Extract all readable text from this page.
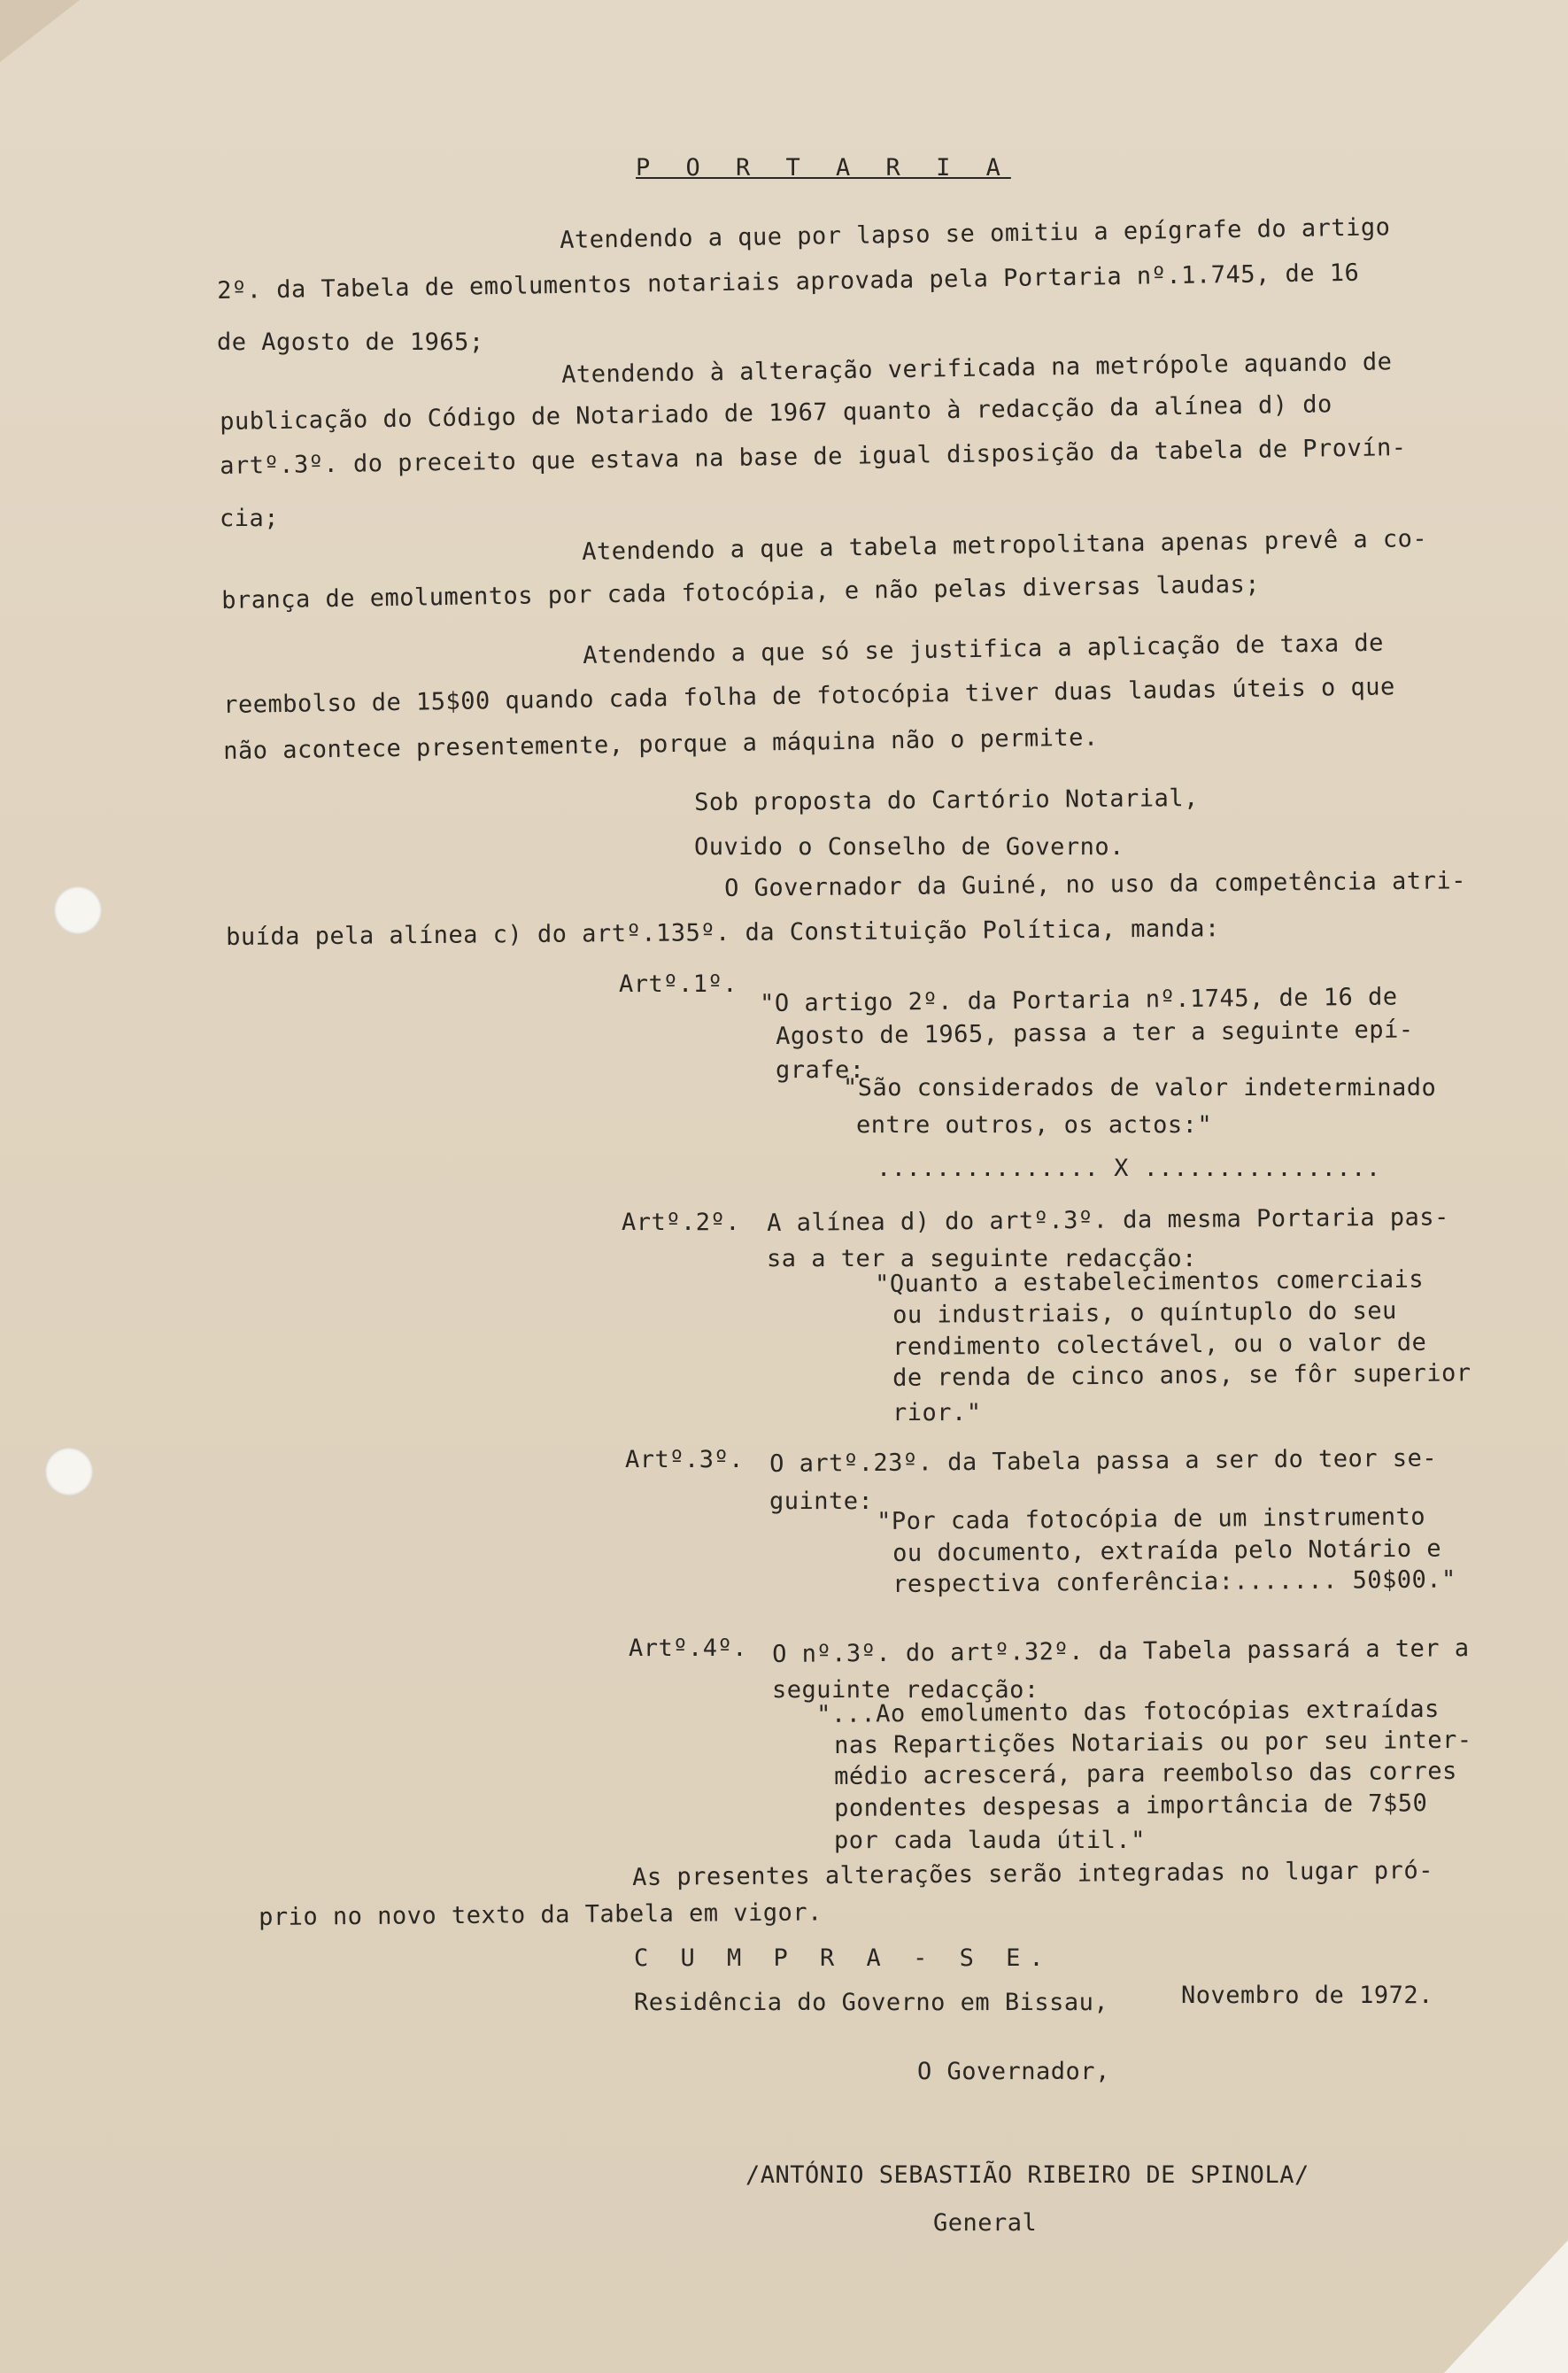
P O R T A R I A
Atendendo a que por lapso se omitiu a epígrafe do artigo
2º. da Tabela de emolumentos notariais aprovada pela Portaria nº.1.745, de 16
de Agosto de 1965;
Atendendo à alteração verificada na metrópole aquando de
publicação do Código de Notariado de 1967 quanto à redacção da alínea d) do
artº.3º. do preceito que estava na base de igual disposição da tabela de Provín-
cia;
Atendendo a que a tabela metropolitana apenas prevê a co-
brança de emolumentos por cada fotocópia, e não pelas diversas laudas;
Atendendo a que só se justifica a aplicação de taxa de
reembolso de 15$00 quando cada folha de fotocópia tiver duas laudas úteis o que
não acontece presentemente, porque a máquina não o permite.
Sob proposta do Cartório Notarial,
Ouvido o Conselho de Governo.
O Governador da Guiné, no uso da competência atri-
buída pela alínea c) do artº.135º. da Constituição Política, manda:
Artº.1º. "O artigo 2º. da Portaria nº.1745, de 16 de
Agosto de 1965, passa a ter a seguinte epí-
grafe:
"São considerados de valor indeterminado
entre outros, os actos:"
............... X ................
Artº.2º. A alínea d) do artº.3º. da mesma Portaria pas-
sa a ter a seguinte redacção:
"Quanto a estabelecimentos comerciais
ou industriais, o quíntuplo do seu
rendimento colectável, ou o valor de
de renda de cinco anos, se fôr superior
rior."
Artº.3º. O artº.23º. da Tabela passa a ser do teor se-
guinte:
"Por cada fotocópia de um instrumento
ou documento, extraída pelo Notário e
respectiva conferência:....... 50$00."
Artº.4º. O nº.3º. do artº.32º. da Tabela passará a ter a
seguinte redacção:
"...Ao emolumento das fotocópias extraídas
nas Repartições Notariais ou por seu inter-
médio acrescerá, para reembolso das corres
pondentes despesas a importância de 7$50
por cada lauda útil."
As presentes alterações serão integradas no lugar pró-
prio no novo texto da Tabela em vigor.
C U M P R A - S E.
Residência do Governo em Bissau,	Novembro de 1972.
O Governador,
/ANTÓNIO SEBASTIÃO RIBEIRO DE SPINOLA/
General
